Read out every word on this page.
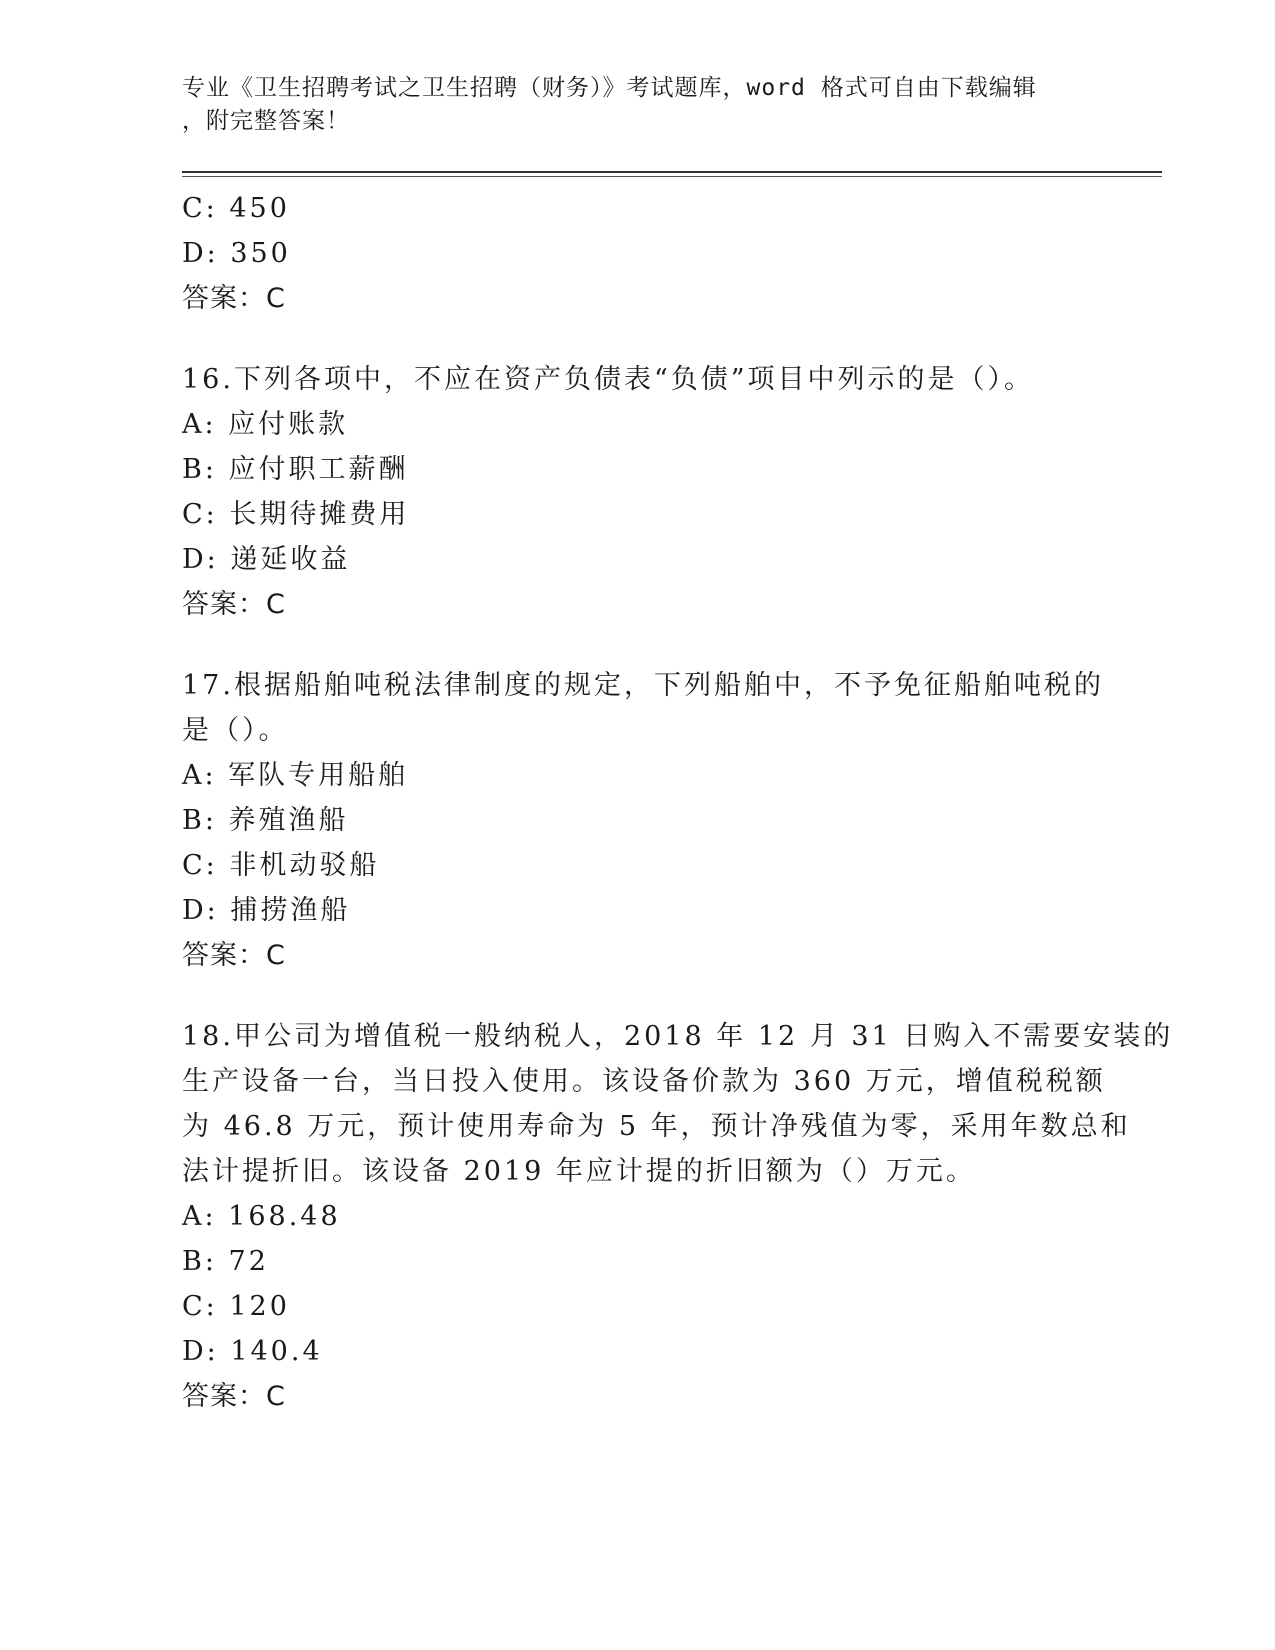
专业《卫生招聘考试之卫生招聘（财务）》考试题库，word 格式可自由下载编辑
，附完整答案！
C: 450
D: 350
答案：C
16.下列各项中，不应在资产负债表“负债”项目中列示的是（）。
A: 应付账款
B: 应付职工薪酬
C: 长期待摊费用
D: 递延收益
答案：C
17.根据船舶吨税法律制度的规定，下列船舶中，不予免征船舶吨税的
是（）。
A: 军队专用船舶
B: 养殖渔船
C: 非机动驳船
D: 捕捞渔船
答案：C
18.甲公司为增值税一般纳税人，2018 年 12 月 31 日购入不需要安装的
生产设备一台，当日投入使用。该设备价款为 360 万元，增值税税额
为 46.8 万元，预计使用寿命为 5 年，预计净残值为零，采用年数总和
法计提折旧。该设备 2019 年应计提的折旧额为（）万元。
A: 168.48
B: 72
C: 120
D: 140.4
答案：C
